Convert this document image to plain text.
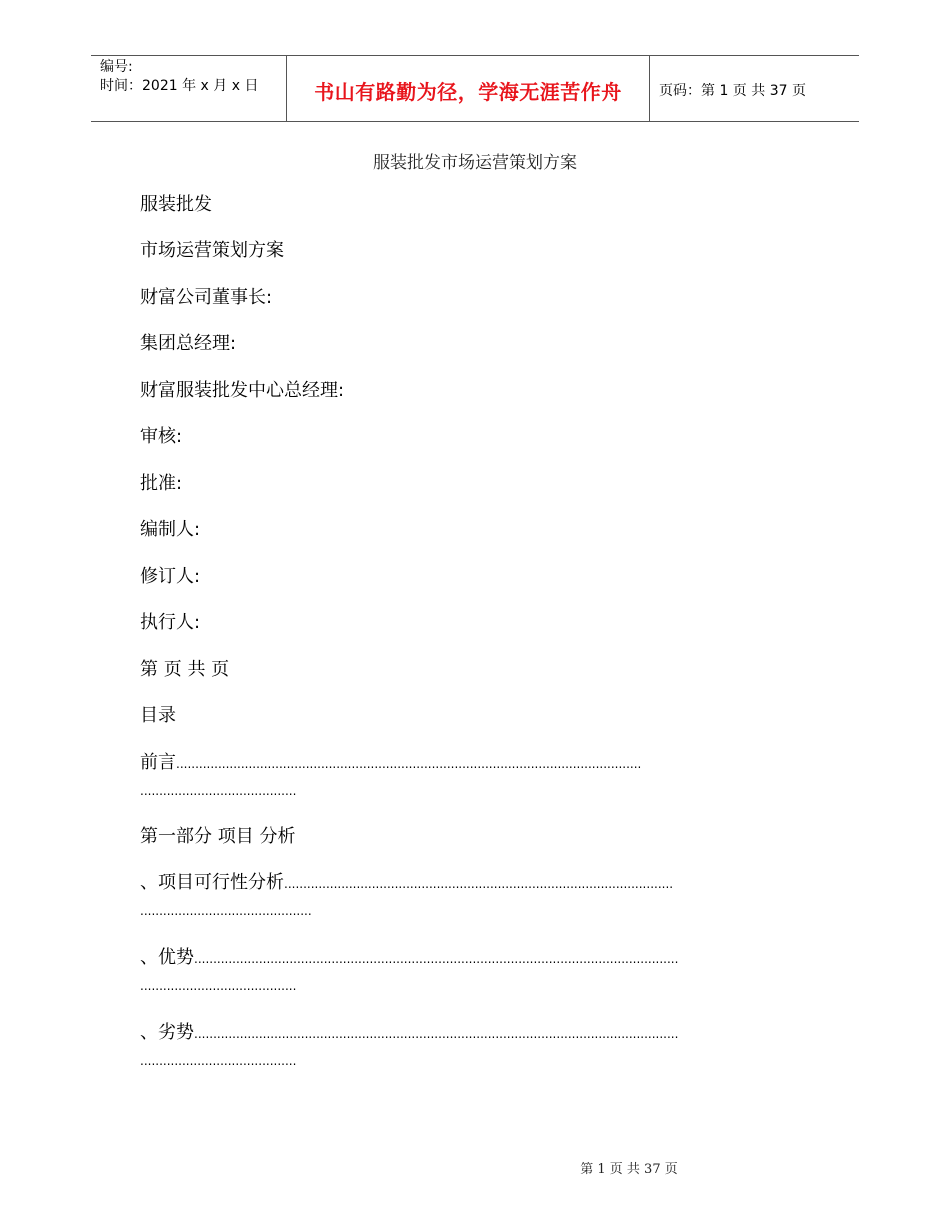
编号:
时间：2021 年 x 月 x 日	书山有路勤为径，学海无涯苦作舟	页码：第 1 页 共 37 页
服装批发市场运营策划方案
服装批发
市场运营策划方案
财富公司董事长:
集团总经理:
财富服装批发中心总经理:
审核:
批准:
编制人:
修订人:
执行人:
第 页 共 页
目录
前言..........................................................................................................................
.........................................
第一部分 项目 分析
、项目可行性分析......................................................................................................
.............................................
、优势...............................................................................................................................
.........................................
、劣势...............................................................................................................................
.........................................
第 1 页 共 37 页
